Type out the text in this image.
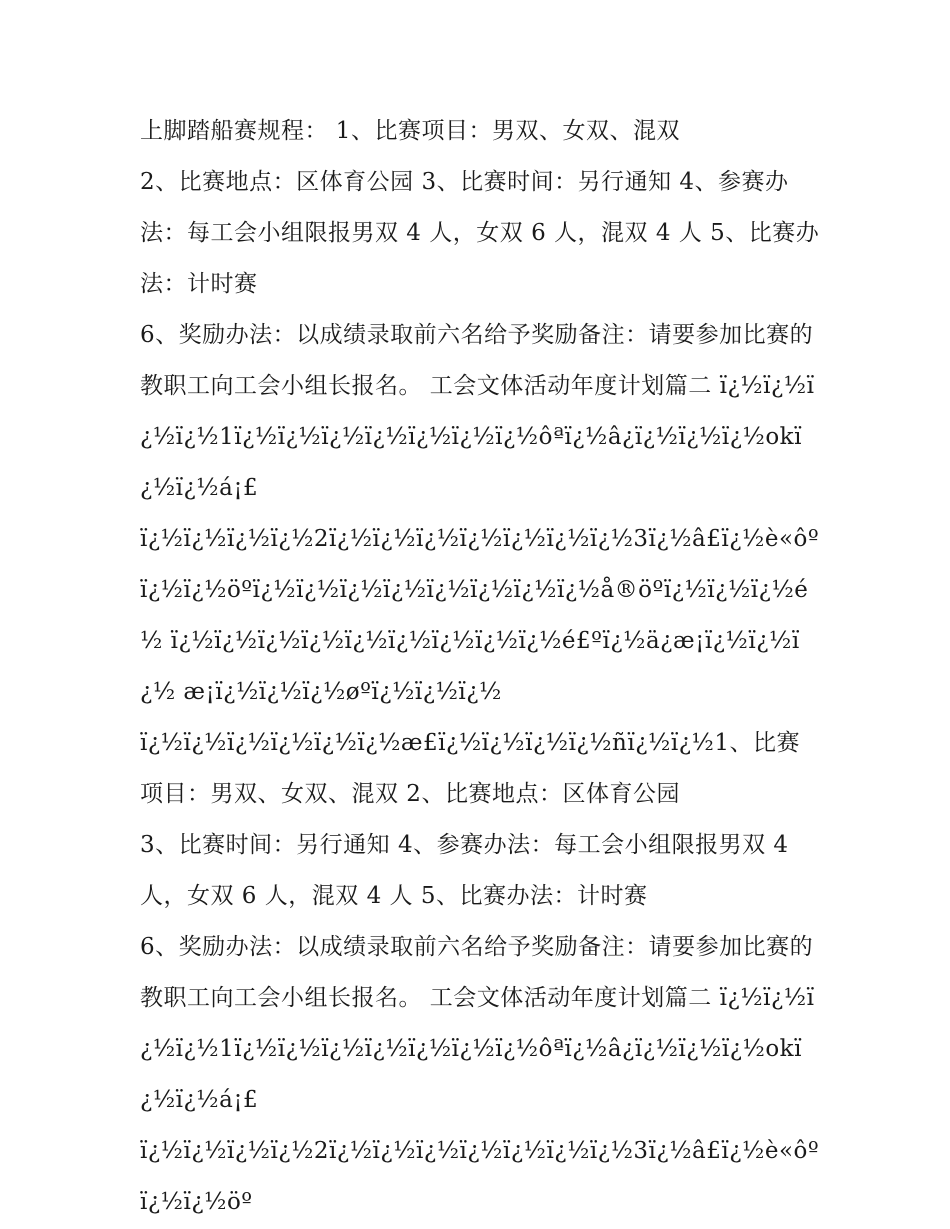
上脚踏船赛规程： 1、比赛项目：男双、女双、混双

2、比赛地点：区体育公园 3、比赛时间：另行通知 4、参赛办法：每工会小组限报男双 4 人，女双 6 人，混双 4 人 5、比赛办法：计时赛

6、奖励办法：以成绩录取前六名给予奖励备注：请要参加比赛的教职工向工会小组长报名。 工会文体活动年度计划篇二 ï¿½ï¿½ï¿½ï¿½1ï¿½ï¿½ï¿½ï¿½ï¿½ï¿½ï¿½ôªï¿½â¿ï¿½ï¿½ï¿½okï¿½ï¿½á¡£

ï¿½ï¿½ï¿½ï¿½2ï¿½ï¿½ï¿½ï¿½ï¿½ï¿½ï¿½3ï¿½â£ï¿½è«ôºï¿½ï¿½öºï¿½ï¿½ï¿½ï¿½ï¿½ï¿½ï¿½ï¿½å®öºï¿½ï¿½ï¿½é½ ï¿½ï¿½ï¿½ï¿½ï¿½ï¿½ï¿½ï¿½ï¿½é£ºï¿½ä¿æ¡ï¿½ï¿½ï¿½ æ¡ï¿½ï¿½ï¿½øºï¿½ï¿½ï¿½

ï¿½ï¿½ï¿½ï¿½ï¿½ï¿½æ£ï¿½ï¿½ï¿½ï¿½ñï¿½ï¿½1、比赛项目：男双、女双、混双 2、比赛地点：区体育公园

3、比赛时间：另行通知 4、参赛办法：每工会小组限报男双 4 人，女双 6 人，混双 4 人 5、比赛办法：计时赛

6、奖励办法：以成绩录取前六名给予奖励备注：请要参加比赛的教职工向工会小组长报名。 工会文体活动年度计划篇二 ï¿½ï¿½ï¿½ï¿½1ï¿½ï¿½ï¿½ï¿½ï¿½ï¿½ï¿½ôªï¿½â¿ï¿½ï¿½ï¿½okï¿½ï¿½á¡£

ï¿½ï¿½ï¿½ï¿½2ï¿½ï¿½ï¿½ï¿½ï¿½ï¿½ï¿½3ï¿½â£ï¿½è«ôºï¿½ï¿½öº
